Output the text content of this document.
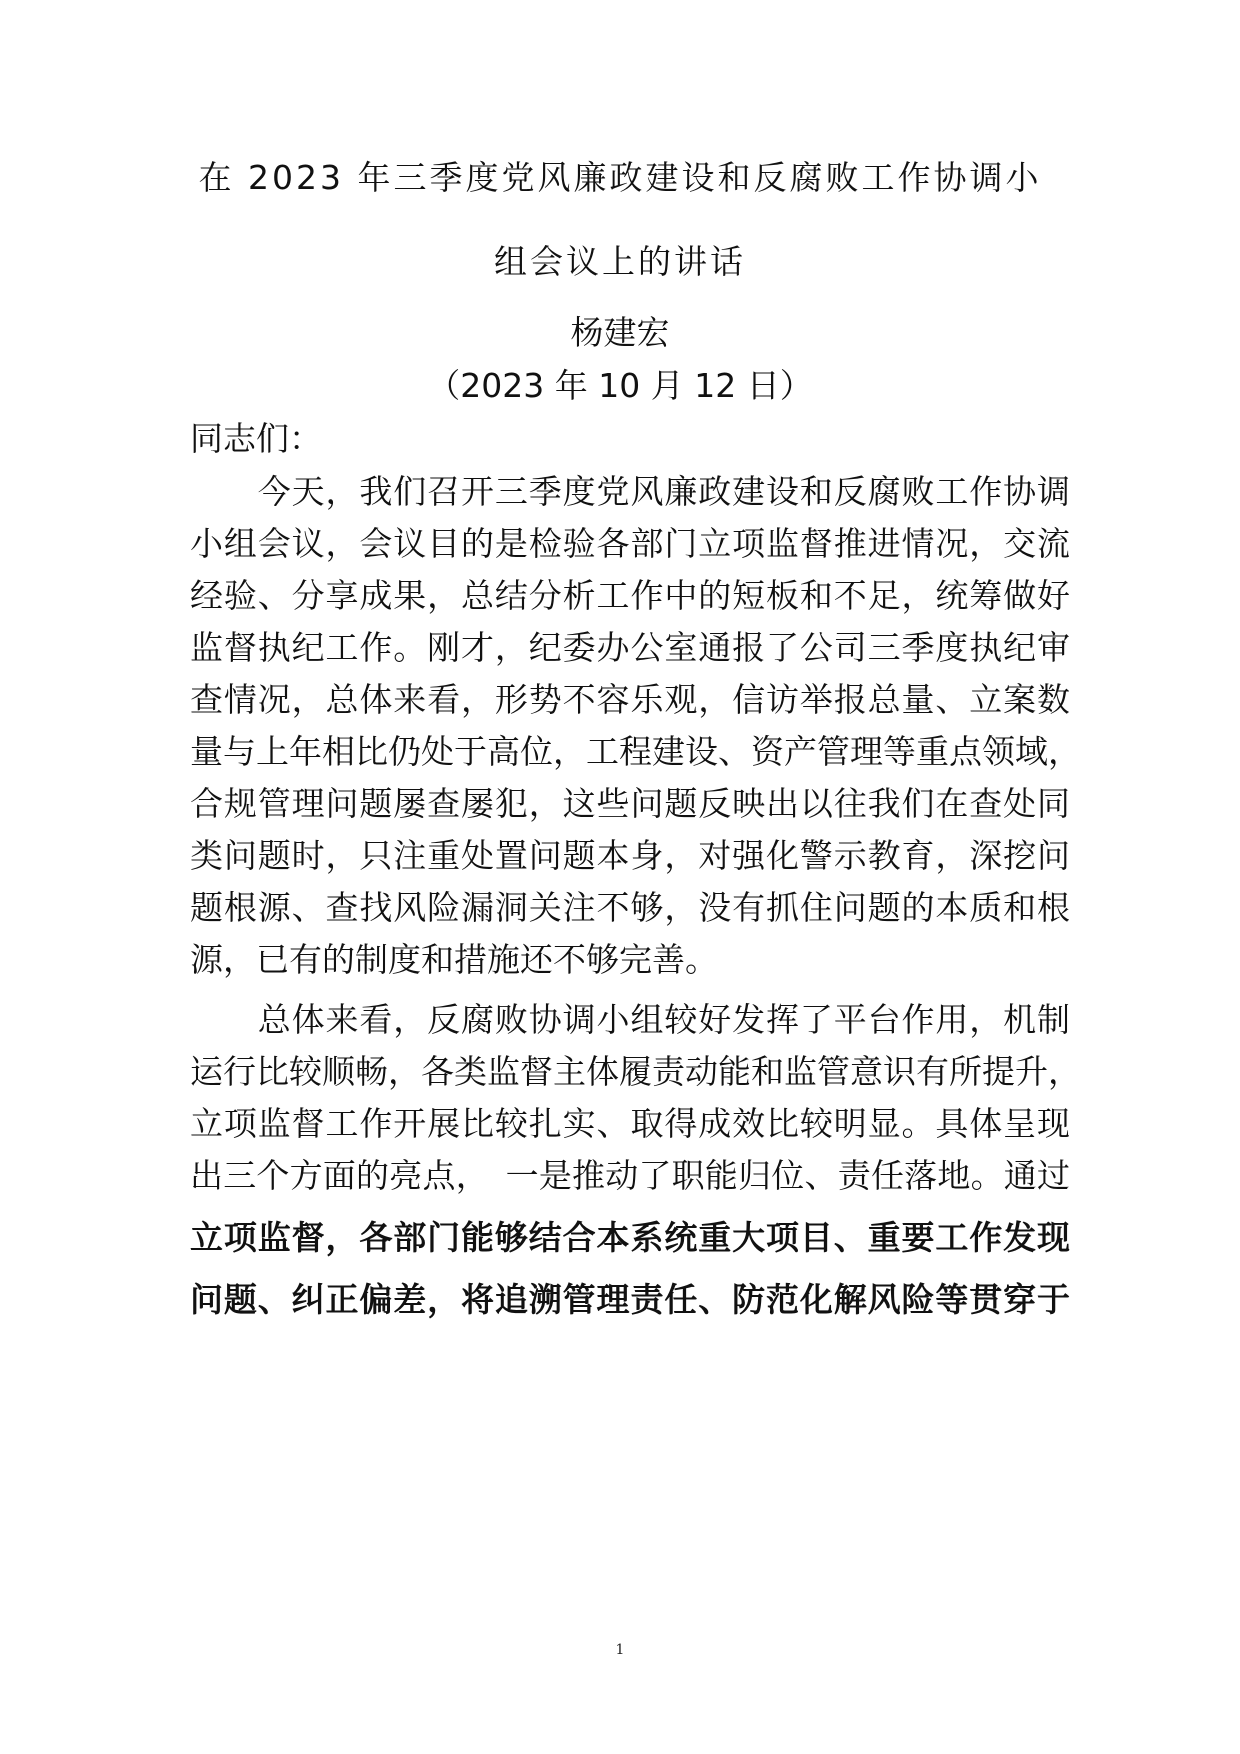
在 2023 年三季度党风廉政建设和反腐败工作协调小
组会议上的讲话
杨建宏
（2023 年 10 月 12 日）
同志们：
　　今天，我们召开三季度党风廉政建设和反腐败工作协调
小组会议，会议目的是检验各部门立项监督推进情况，交流
经验、分享成果，总结分析工作中的短板和不足，统筹做好
监督执纪工作。刚才，纪委办公室通报了公司三季度执纪审
查情况，总体来看，形势不容乐观，信访举报总量、立案数
量与上年相比仍处于高位，工程建设、资产管理等重点领域，
合规管理问题屡查屡犯，这些问题反映出以往我们在查处同
类问题时，只注重处置问题本身，对强化警示教育，深挖问
题根源、查找风险漏洞关注不够，没有抓住问题的本质和根
源，已有的制度和措施还不够完善。
　　总体来看，反腐败协调小组较好发挥了平台作用，机制
运行比较顺畅，各类监督主体履责动能和监管意识有所提升，
立项监督工作开展比较扎实、取得成效比较明显。具体呈现
出三个方面的亮点，　一是推动了职能归位、责任落地。通过
立项监督，各部门能够结合本系统重大项目、重要工作发现
问题、纠正偏差，将追溯管理责任、防范化解风险等贯穿于
1
